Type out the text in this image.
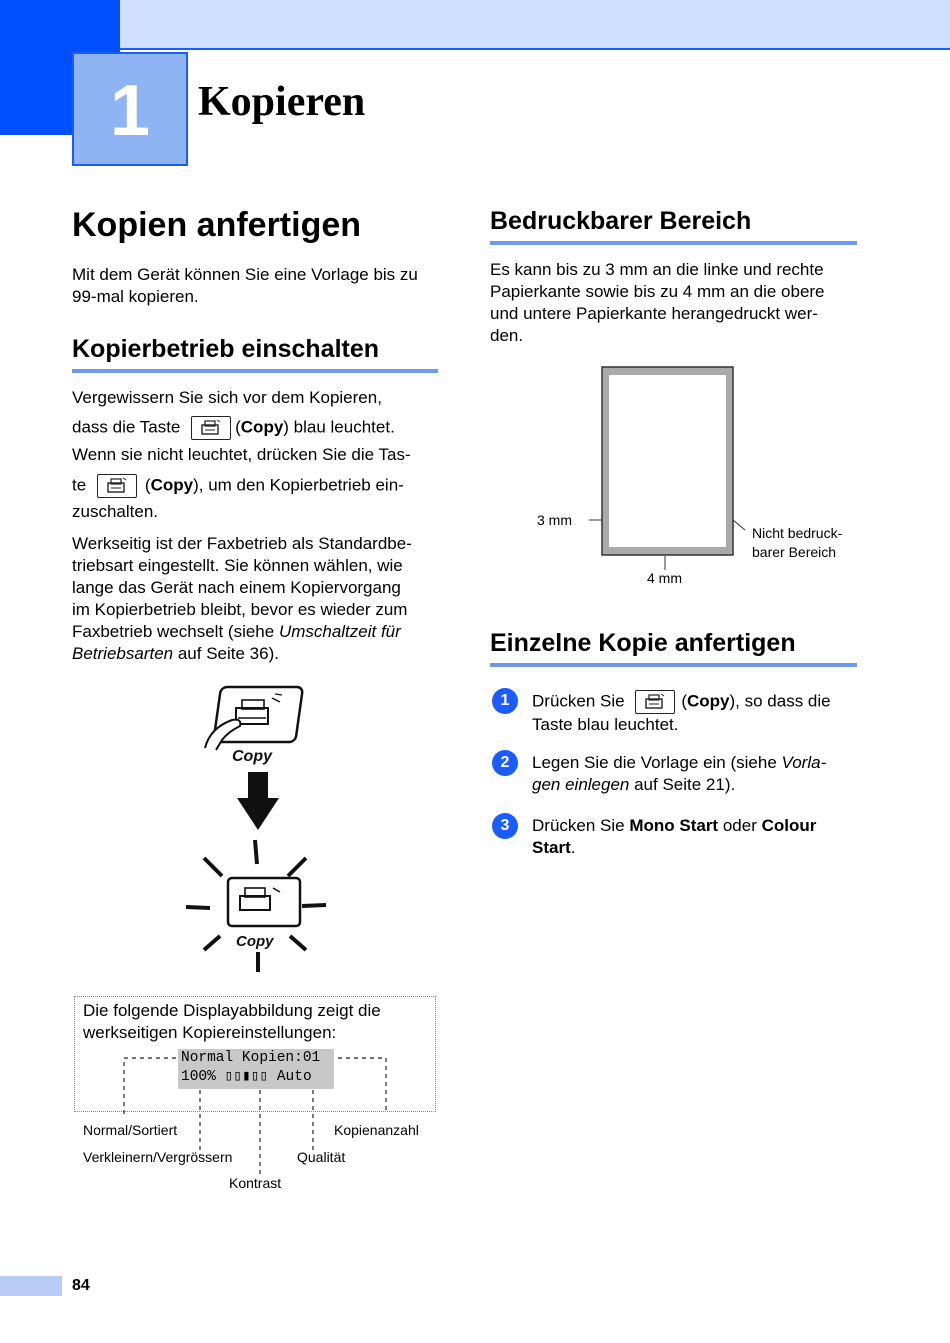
1	Kopieren
Kopien anfertigen
Mit dem Gerät können Sie eine Vorlage bis zu
99-mal kopieren.
Kopierbetrieb einschalten
Vergewissern Sie sich vor dem Kopieren,
dass die Taste	(Copy) blau leuchtet.
Wenn sie nicht leuchtet, drücken Sie die Tas-
te	(Copy), um den Kopierbetrieb ein-
zuschalten.
Werkseitig ist der Faxbetrieb als Standardbe-
triebsart eingestellt. Sie können wählen, wie
lange das Gerät nach einem Kopiervorgang
im Kopierbetrieb bleibt, bevor es wieder zum
Faxbetrieb wechselt (siehe Umschaltzeit für
Betriebsarten auf Seite 36).
Copy
Copy
Die folgende Displayabbildung zeigt die
werkseitigen Kopiereinstellungen:
Normal Kopien:01
100% ▯▯▮▯▯ Auto
Normal/Sortiert	Kopienanzahl
Verkleinern/Vergrössern	Qualität
Kontrast
Bedruckbarer Bereich
Es kann bis zu 3 mm an die linke und rechte
Papierkante sowie bis zu 4 mm an die obere
und untere Papierkante herangedruckt wer-
den.
3 mm
4 mm
Nicht bedruck-
barer Bereich
Einzelne Kopie anfertigen
1	Drücken Sie	(Copy), so dass die
Taste blau leuchtet.
2	Legen Sie die Vorlage ein (siehe Vorla-
gen einlegen auf Seite 21).
3	Drücken Sie Mono Start oder Colour
Start.
84
